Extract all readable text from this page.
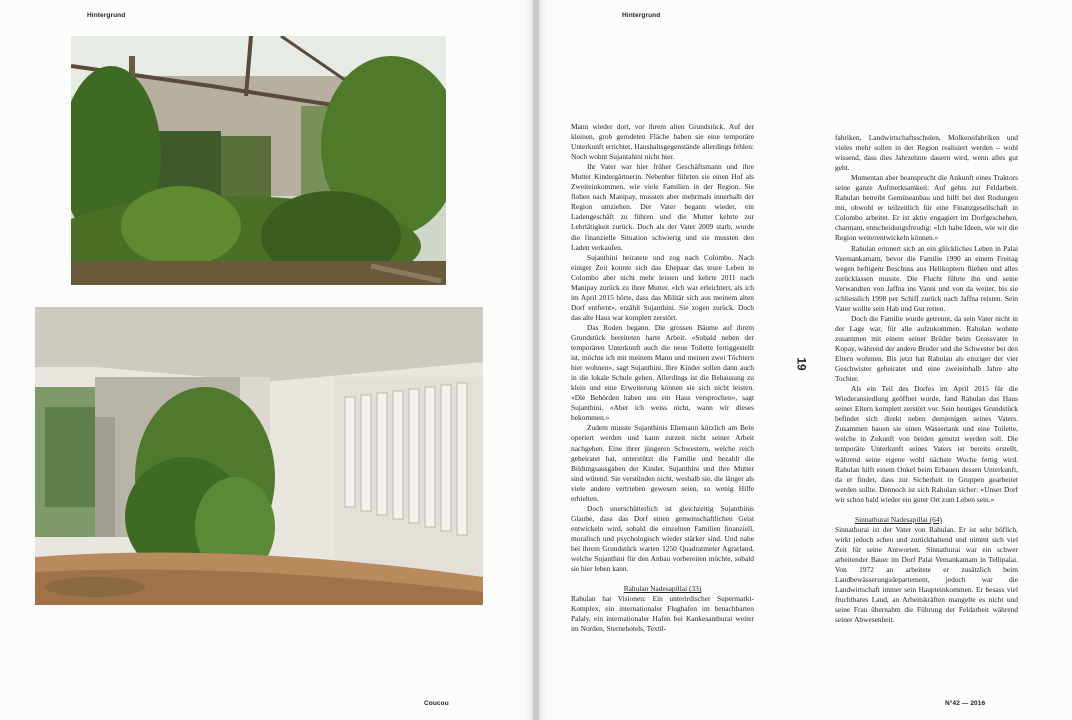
Hintergrund
Coucou
Hintergrund

Mann wieder dort, vor ihrem alten Grundstück. Auf der kleinen, grob gerodeten Fläche haben sie eine temporäre Unterkunft errichtet, Haushaltsgegenstände allerdings fehlen: Noch wohnt Sujantahini nicht hier.

Ihr Vater war hier früher Geschäftsmann und ihre Mutter Kindergärtnerin. Nebenher führten sie einen Hof als Zweiteinkommen, wie viele Familien in der Region. Sie flohen nach Manipay, mussten aber mehrmals innerhalb der Region umziehen. Der Vater begann wieder, ein Ladengeschäft zu führen und die Mutter kehrte zur Lehrtätigkeit zurück. Doch als der Vater 2009 starb, wurde die finanzielle Situation schwierig und sie mussten den Laden verkaufen.

Sujanthini heiratete und zog nach Colombo. Nach einiger Zeit konnte sich das Ehepaar das teure Leben in Colombo aber nicht mehr leisten und kehrte 2011 nach Manipay zurück zu ihrer Mutter. «Ich war erleichtert, als ich im April 2015 hörte, dass das Militär sich aus meinem alten Dorf entfernt», erzählt Sujanthini. Sie zogen zurück. Doch das alte Haus war komplett zerstört.

Das Roden begann. Die grossen Bäume auf ihrem Grundstück bereiteten harte Arbeit. «Sobald neben der temporären Unterkunft auch die neue Toilette fertiggestellt ist, möchte ich mit meinem Mann und meinen zwei Töchtern hier wohnen», sagt Sujanthini. Ihre Kinder sollen dann auch in die lokale Schule gehen. Allerdings ist die Behausung zu klein und eine Erweiterung können sie sich nicht leisten. «Die Behörden haben uns ein Haus versprochen», sagt Sujanthini. «Aber ich weiss nicht, wann wir dieses bekommen.»

Zudem musste Sujanthinis Ehemann kürzlich am Bein operiert werden und kann zurzeit nicht seiner Arbeit nachgehen. Eine ihrer jüngeren Schwestern, welche reich geheiratet hat, unterstützt die Familie und bezahlt die Bildungsausgaben der Kinder. Sujanthini und ihre Mutter sind wütend. Sie verstünden nicht, weshalb sie, die länger als viele andere vertrieben gewesen seien, so wenig Hilfe erhielten.

Doch unerschütterlich ist gleichzeitig Sujanthinis Glaube, dass das Dorf einen gemeinschaftlichen Geist entwickeln wird, sobald die einzelnen Familien finanziell, moralisch und psychologisch wieder stärker sind. Und nahe bei ihrem Grundstück warten 1250 Quadratmeter Agrarland, welche Sujanthini für den Anbau vorbereiten möchte, sobald sie hier leben kann.

Rahulan Nadesapillai (33)

Rahulan hat Visionen: Ein unterirdischer Supermarkt-Komplex, ein internationaler Flughafen im benachbarten Palaly, ein internationaler Hafen bei Kankesanthurai weiter im Norden, Sternehotels, Textil-

19

fabriken, Landwirtschaftsschulen, Molkereifabriken und vieles mehr sollen in der Region realisiert werden – wohl wissend, dass dies Jahrzehnte dauern wird, wenn alles gut geht.

Momentan aber beansprucht die Ankunft eines Traktors seine ganze Aufmerksamkeit: Auf gehts zur Feldarbeit. Rahulan betreibt Gemüseanbau und hilft bei den Rodungen mit, obwohl er teilzeitlich für eine Finanzgesellschaft in Colombo arbeitet. Er ist aktiv engagiert im Dorfgeschehen, charmant, entscheidungsfreudig: «Ich habe Ideen, wie wir die Region weiterentwickeln können.»

Rahulan erinnert sich an ein glückliches Leben in Palai Veemankamam, bevor die Familie 1990 an einem Freitag wegen heftigem Beschuss aus Helikoptern fliehen und alles zurücklassen musste. Die Flucht führte ihn und seine Verwandten von Jaffna ins Vanni und von da weiter, bis sie schliesslich 1998 per Schiff zurück nach Jaffna reisten. Sein Vater wollte sein Hab und Gut retten.

Doch die Familie wurde getrennt, da sein Vater nicht in der Lage war, für alle aufzukommen. Rahulan wohnte zusammen mit einem seiner Brüder beim Grossvater in Kopay, während der andere Bruder und die Schwester bei den Eltern wohnten. Bis jetzt hat Rahulan als einziger der vier Geschwister geheiratet und eine zweieinhalb Jahre alte Tochter.

Als ein Teil des Dorfes im April 2015 für die Wiederansiedlung geöffnet wurde, fand Rahulan das Haus seiner Eltern komplett zerstört vor. Sein heutiges Grundstück befindet sich direkt neben demjenigen seines Vaters. Zusammen bauen sie einen Wassertank und eine Toilette, welche in Zukunft von beiden genutzt werden soll. Die temporäre Unterkunft seines Vaters ist bereits erstellt, während seine eigene wohl nächste Woche fertig wird. Rahulan hilft einem Onkel beim Erbauen dessen Unterkunft, da er findet, dass zur Sicherheit in Gruppen gearbeitet werden sollte. Dennoch ist sich Rahulan sicher: «Unser Dorf wir schon bald wieder ein guter Ort zum Leben sein.»

Sinnathurai Nadesapillai (64)

Sinnathurai ist der Vater von Rahulan. Er ist sehr höflich, wirkt jedoch scheu und zurückhaltend und nimmt sich viel Zeit für seine Antworten. Sinnathurai war ein schwer arbeitender Bauer im Dorf Palai Vemankamam in Tellipalai. Von 1972 an arbeitete er zusätzlich beim Landbewässerungsdepartement, jedoch war die Landwirtschaft immer sein Haupteinkommen. Er besass viel fruchtbares Land, an Arbeitskräften mangelte es nicht und seine Frau übernahm die Führung der Feldarbeit während seiner Abwesenheit.

N°42 — 2016
